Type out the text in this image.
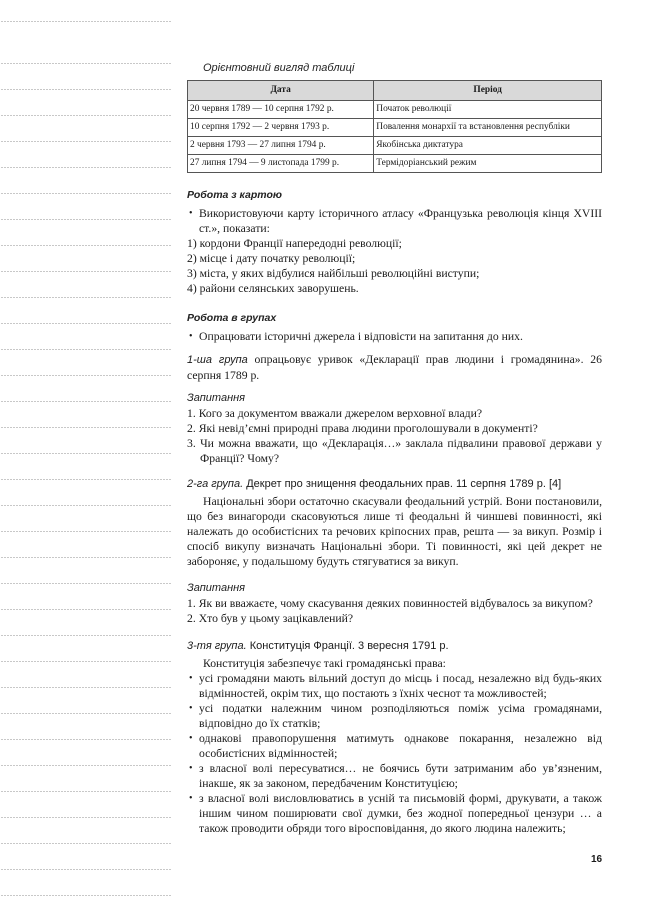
Орієнтовний вигляд таблиці
Дата	Період
20 червня 1789 — 10 серпня 1792 р.	Початок революції
10 серпня 1792 — 2 червня 1793 р.	Повалення монархії та встановлення республіки
2 червня 1793 — 27 липня 1794 р.	Якобінська диктатура
27 липня 1794 — 9 листопада 1799 р.	Термідоріанський режим
Робота з картою

• Використовуючи карту історичного атласу «Французька революція кінця XVIII ст.», показати:

1) кордони Франції напередодні революції;

2) місце і дату початку революції;

3) міста, у яких відбулися найбільші революційні виступи;

4) райони селянських заворушень.

Робота в групах

• Опрацювати історичні джерела і відповісти на запитання до них.

1-ша група опрацьовує уривок «Декларації прав людини і громадянина». 26 серпня 1789 р.

Запитання

1. Кого за документом вважали джерелом верховної влади?

2. Які невід’ємні природні права людини проголошували в документі?

3. Чи можна вважати, що «Декларація…» заклала підвалини правової держави у Франції? Чому?

2-га група. Декрет про знищення феодальних прав. 11 серпня 1789 р. [4]

Національні збори остаточно скасували феодальний устрій. Вони постановили, що без винагороди скасовуються лише ті феодальні й чиншеві повинності, які належать до особистісних та речових кріпосних прав, решта — за викуп. Розмір і спосіб викупу визначать Національні збори. Ті повинності, які цей декрет не забороняє, у подальшому будуть стягуватися за викуп.

Запитання

1. Як ви вважаєте, чому скасування деяких повинностей відбувалось за викупом?

2. Хто був у цьому зацікавлений?

3-тя група. Конституція Франції. 3 вересня 1791 р.

Конституція забезпечує такі громадянські права:

• усі громадяни мають вільний доступ до місць і посад, незалежно від будь-яких відмінностей, окрім тих, що постають з їхніх чеснот та можливостей;

• усі податки належним чином розподіляються поміж усіма громадянами, відповідно до їх статків;

• однакові правопорушення матимуть однакове покарання, незалежно від особистісних відмінностей;

• з власної волі пересуватися… не боячись бути затриманим або ув’язненим, інакше, як за законом, передбаченим Конституцією;

• з власної волі висловлюватись в усній та письмовій формі, друкувати, а також іншим чином поширювати свої думки, без жодної попередньої цензури … а також проводити обряди того віросповідання, до якого людина належить;

16
